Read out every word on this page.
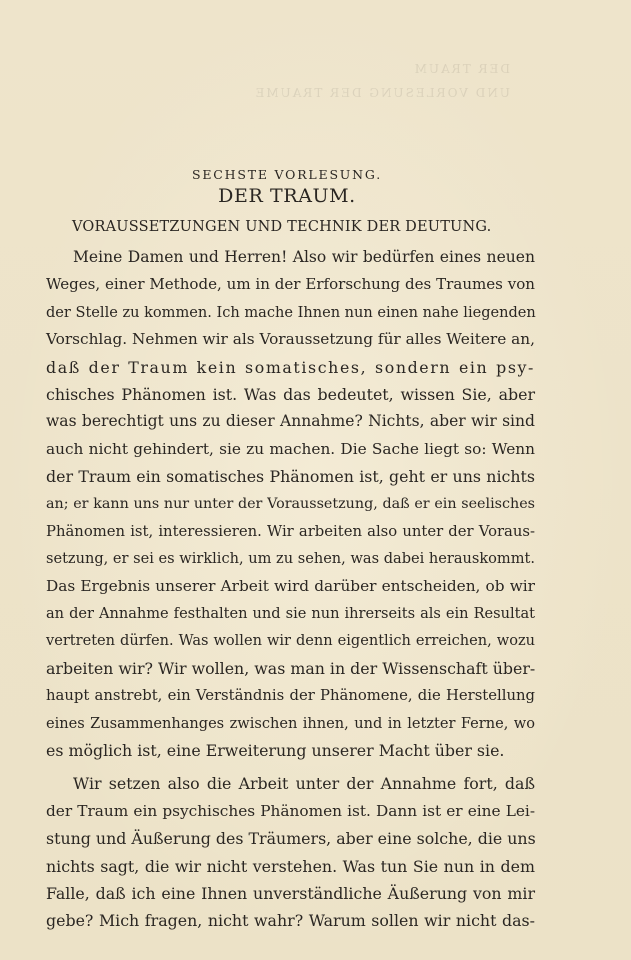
DER TRAUM
UND VORLESUNG DER TRAUME
SECHSTE VORLESUNG.
DER TRAUM.
VORAUSSETZUNGEN UND TECHNIK DER DEUTUNG.
Meine Damen und Herren! Also wir bedürfen eines neuen
Weges, einer Methode, um in der Erforschung des Traumes von
der Stelle zu kommen. Ich mache Ihnen nun einen nahe liegenden
Vorschlag. Nehmen wir als Voraussetzung für alles Weitere an,
daß der Traum kein somatisches, sondern ein psy-
chisches Phänomen ist. Was das bedeutet, wissen Sie, aber
was berechtigt uns zu dieser Annahme? Nichts, aber wir sind
auch nicht gehindert, sie zu machen. Die Sache liegt so: Wenn
der Traum ein somatisches Phänomen ist, geht er uns nichts
an; er kann uns nur unter der Voraussetzung, daß er ein seelisches
Phänomen ist, interessieren. Wir arbeiten also unter der Voraus-
setzung, er sei es wirklich, um zu sehen, was dabei herauskommt.
Das Ergebnis unserer Arbeit wird darüber entscheiden, ob wir
an der Annahme festhalten und sie nun ihrerseits als ein Resultat
vertreten dürfen. Was wollen wir denn eigentlich erreichen, wozu
arbeiten wir? Wir wollen, was man in der Wissenschaft über-
haupt anstrebt, ein Verständnis der Phänomene, die Herstellung
eines Zusammenhanges zwischen ihnen, und in letzter Ferne, wo
es möglich ist, eine Erweiterung unserer Macht über sie.
Wir setzen also die Arbeit unter der Annahme fort, daß
der Traum ein psychisches Phänomen ist. Dann ist er eine Lei-
stung und Äußerung des Träumers, aber eine solche, die uns
nichts sagt, die wir nicht verstehen. Was tun Sie nun in dem
Falle, daß ich eine Ihnen unverständliche Äußerung von mir
gebe? Mich fragen, nicht wahr? Warum sollen wir nicht das-
